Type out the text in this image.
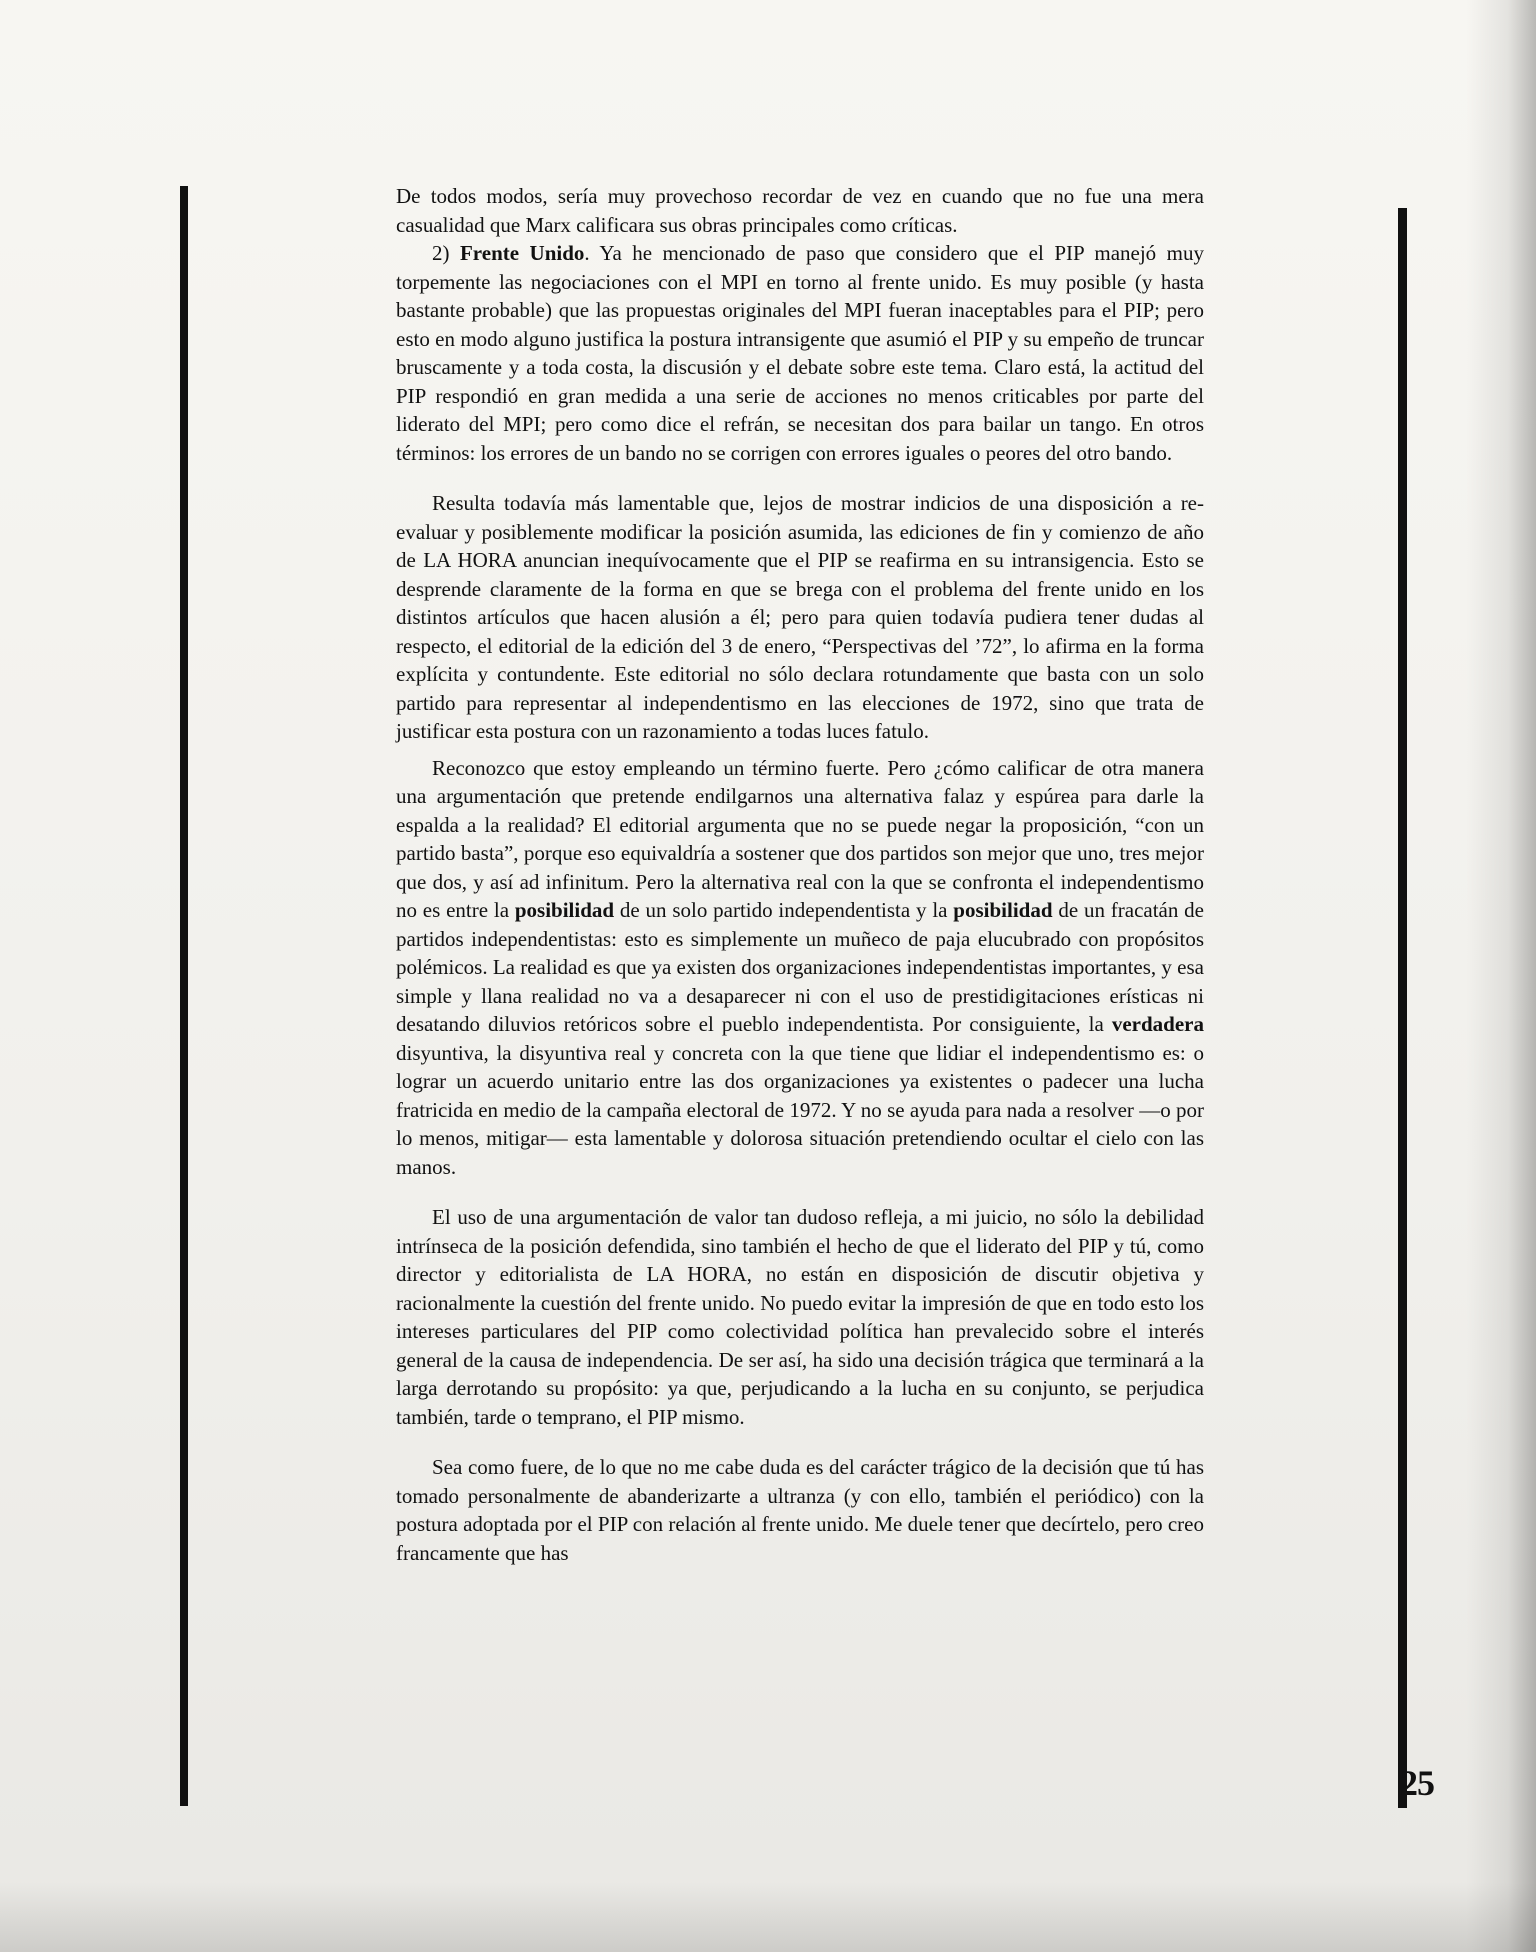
De todos modos, sería muy provechoso recordar de vez en cuando que no fue una mera casualidad que Marx calificara sus obras principales como críticas.

2) Frente Unido. Ya he mencionado de paso que considero que el PIP manejó muy torpemente las negociaciones con el MPI en torno al frente unido. Es muy posible (y hasta bastante probable) que las propuestas originales del MPI fueran inaceptables para el PIP; pero esto en modo alguno justifica la postura intransigente que asumió el PIP y su empeño de truncar bruscamente y a toda costa, la discusión y el debate sobre este tema. Claro está, la actitud del PIP respondió en gran medida a una serie de acciones no menos criticables por parte del liderato del MPI; pero como dice el refrán, se necesitan dos para bailar un tango. En otros términos: los errores de un bando no se corrigen con errores iguales o peores del otro bando.

Resulta todavía más lamentable que, lejos de mostrar indicios de una disposición a re-evaluar y posiblemente modificar la posición asumida, las ediciones de fin y comienzo de año de LA HORA anuncian inequívocamente que el PIP se reafirma en su intransigencia. Esto se desprende claramente de la forma en que se brega con el problema del frente unido en los distintos artículos que hacen alusión a él; pero para quien todavía pudiera tener dudas al respecto, el editorial de la edición del 3 de enero, “Perspectivas del ’72”, lo afirma en la forma explícita y contundente. Este editorial no sólo declara rotundamente que basta con un solo partido para representar al independentismo en las elecciones de 1972, sino que trata de justificar esta postura con un razonamiento a todas luces fatulo.

Reconozco que estoy empleando un término fuerte. Pero ¿cómo calificar de otra manera una argumentación que pretende endilgarnos una alternativa falaz y espúrea para darle la espalda a la realidad? El editorial argumenta que no se puede negar la proposición, “con un partido basta”, porque eso equivaldría a sostener que dos partidos son mejor que uno, tres mejor que dos, y así ad infinitum. Pero la alternativa real con la que se confronta el independentismo no es entre la posibilidad de un solo partido independentista y la posibilidad de un fracatán de partidos independentistas: esto es simplemente un muñeco de paja elucubrado con propósitos polémicos. La realidad es que ya existen dos organizaciones independentistas importantes, y esa simple y llana realidad no va a desaparecer ni con el uso de prestidigitaciones erísticas ni desatando diluvios retóricos sobre el pueblo independentista. Por consiguiente, la verdadera disyuntiva, la disyuntiva real y concreta con la que tiene que lidiar el independentismo es: o lograr un acuerdo unitario entre las dos organizaciones ya existentes o padecer una lucha fratricida en medio de la campaña electoral de 1972. Y no se ayuda para nada a resolver —o por lo menos, mitigar— esta lamentable y dolorosa situación pretendiendo ocultar el cielo con las manos.

El uso de una argumentación de valor tan dudoso refleja, a mi juicio, no sólo la debilidad intrínseca de la posición defendida, sino también el hecho de que el liderato del PIP y tú, como director y editorialista de LA HORA, no están en disposición de discutir objetiva y racionalmente la cuestión del frente unido. No puedo evitar la impresión de que en todo esto los intereses particulares del PIP como colectividad política han prevalecido sobre el interés general de la causa de independencia. De ser así, ha sido una decisión trágica que terminará a la larga derrotando su propósito: ya que, perjudicando a la lucha en su conjunto, se perjudica también, tarde o temprano, el PIP mismo.

Sea como fuere, de lo que no me cabe duda es del carácter trágico de la decisión que tú has tomado personalmente de abanderizarte a ultranza (y con ello, también el periódico) con la postura adoptada por el PIP con relación al frente unido. Me duele tener que decírtelo, pero creo francamente que has

25
